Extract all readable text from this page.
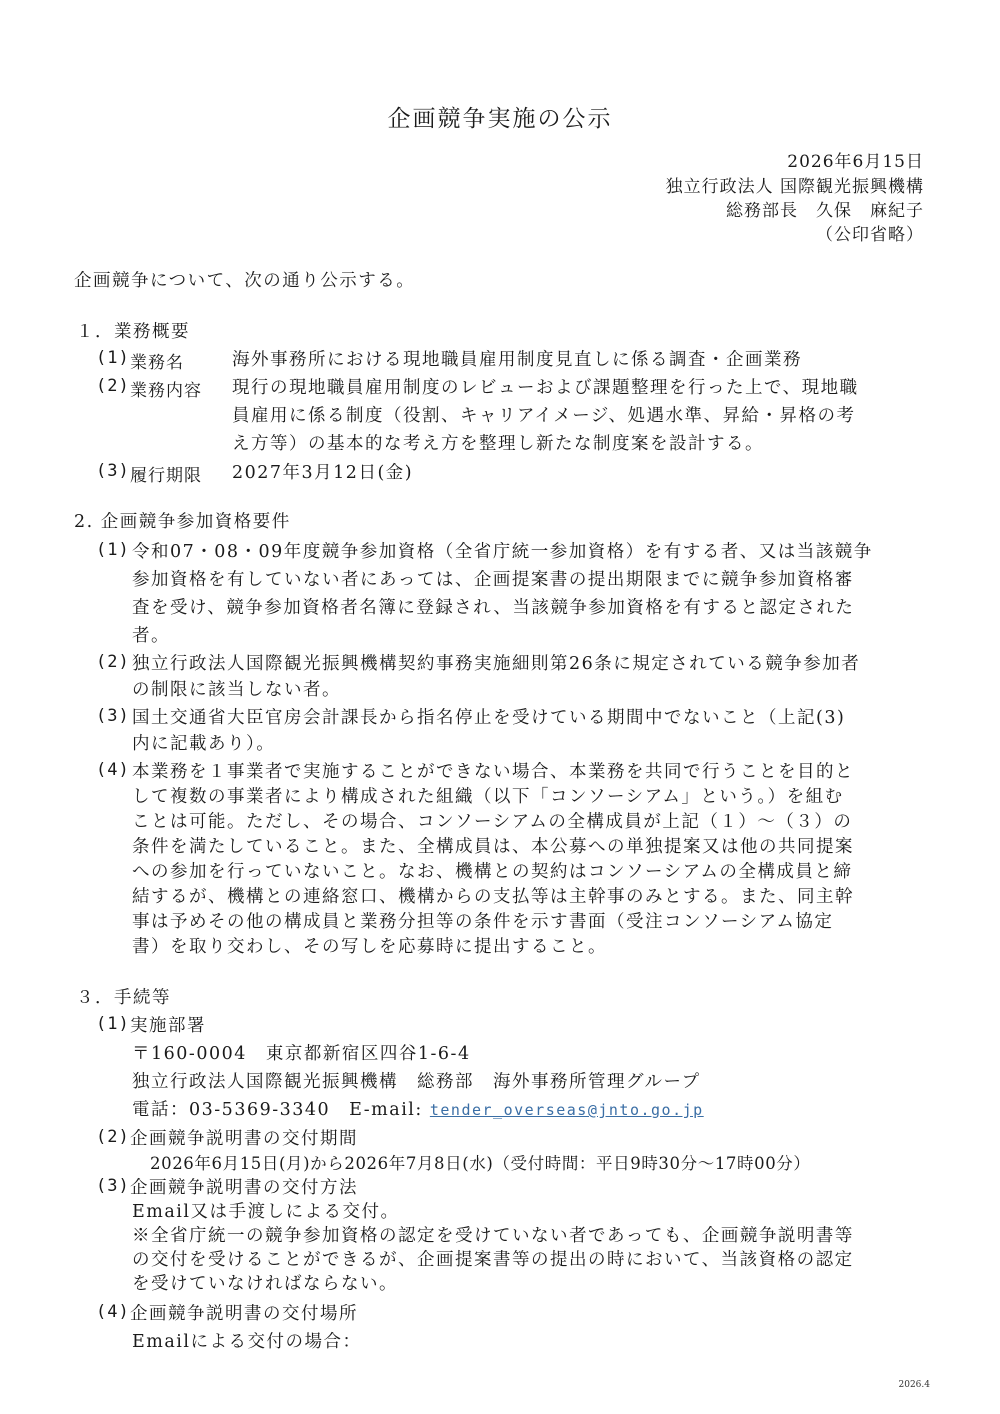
企画競争実施の公示
2026年6月15日
独立行政法人 国際観光振興機構
総務部長　久保　麻紀子
（公印省略）
企画競争について、次の通り公示する。
１．業務概要
(1) 業務名	海外事務所における現地職員雇用制度見直しに係る調査・企画業務
(2) 業務内容 現行の現地職員雇用制度のレビューおよび課題整理を行った上で、現地職
員雇用に係る制度（役割、キャリアイメージ、処遇水準、昇給・昇格の考
え方等）の基本的な考え方を整理し新たな制度案を設計する。
(3) 履行期限 2027年3月12日(金)
2. 企画競争参加資格要件
(1) 令和07・08・09年度競争参加資格（全省庁統一参加資格）を有する者、又は当該競争
参加資格を有していない者にあっては、企画提案書の提出期限までに競争参加資格審
査を受け、競争参加資格者名簿に登録され、当該競争参加資格を有すると認定された
者。
(2) 独立行政法人国際観光振興機構契約事務実施細則第26条に規定されている競争参加者
の制限に該当しない者。
(3) 国土交通省大臣官房会計課長から指名停止を受けている期間中でないこと（上記(3)
内に記載あり）。
(4) 本業務を１事業者で実施することができない場合、本業務を共同で行うことを目的と
して複数の事業者により構成された組織（以下「コンソーシアム」という。）を組む
ことは可能。ただし、その場合、コンソーシアムの全構成員が上記（１）～（３）の
条件を満たしていること。また、全構成員は、本公募への単独提案又は他の共同提案
への参加を行っていないこと。なお、機構との契約はコンソーシアムの全構成員と締
結するが、機構との連絡窓口、機構からの支払等は主幹事のみとする。また、同主幹
事は予めその他の構成員と業務分担等の条件を示す書面（受注コンソーシアム協定
書）を取り交わし、その写しを応募時に提出すること。
３．手続等
(1) 実施部署
〒160-0004　東京都新宿区四谷1-6-4
独立行政法人国際観光振興機構　総務部　海外事務所管理グループ
電話：03-5369-3340　E-mail: tender_overseas@jnto.go.jp
(2) 企画競争説明書の交付期間
2026年6月15日(月)から2026年7月8日(水)（受付時間：平日9時30分～17時00分）
(3) 企画競争説明書の交付方法
Email又は手渡しによる交付。
※全省庁統一の競争参加資格の認定を受けていない者であっても、企画競争説明書等
の交付を受けることができるが、企画提案書等の提出の時において、当該資格の認定
を受けていなければならない。
(4) 企画競争説明書の交付場所
Emailによる交付の場合：
2026.4
